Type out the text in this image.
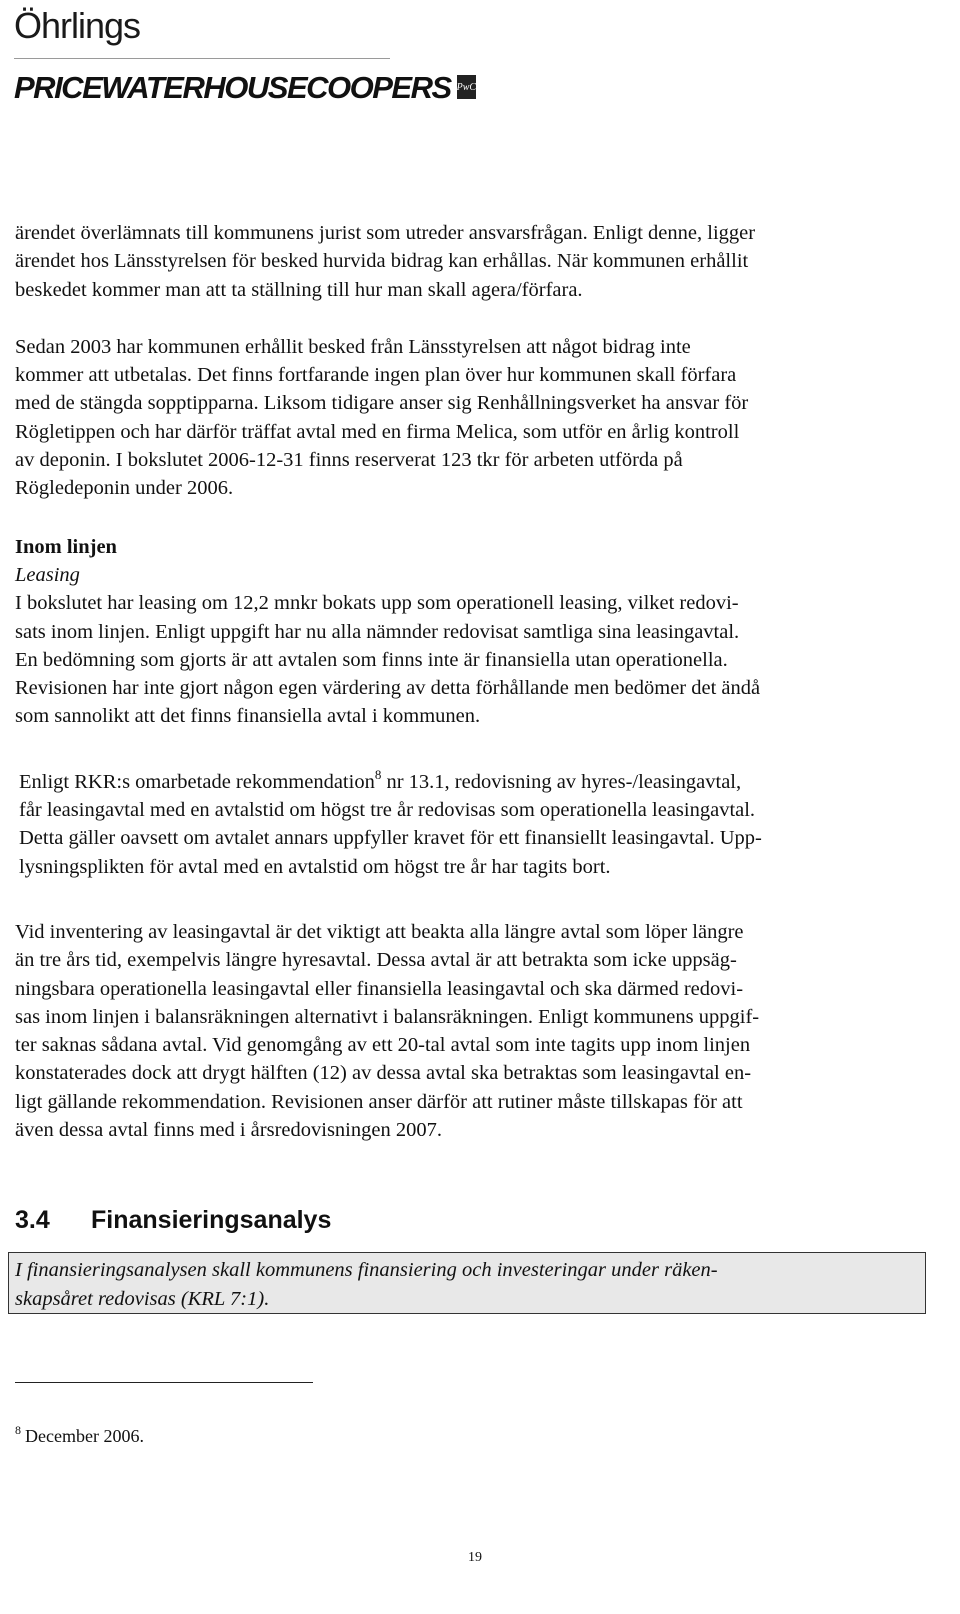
Öhrlings
PRICEWATERHOUSECOOPERS PwC

ärendet överlämnats till kommunens jurist som utreder ansvarsfrågan. Enligt denne, ligger
ärendet hos Länsstyrelsen för besked hurvida bidrag kan erhållas. När kommunen erhållit
beskedet kommer man att ta ställning till hur man skall agera/förfara.

Sedan 2003 har kommunen erhållit besked från Länsstyrelsen att något bidrag inte
kommer att utbetalas. Det finns fortfarande ingen plan över hur kommunen skall förfara
med de stängda sopptipparna. Liksom tidigare anser sig Renhållningsverket ha ansvar för
Rögletippen och har därför träffat avtal med en firma Melica, som utför en årlig kontroll
av deponin. I bokslutet 2006-12-31 finns reserverat 123 tkr för arbeten utförda på
Rögledeponin under 2006.

Inom linjen

Leasing

I bokslutet har leasing om 12,2 mnkr bokats upp som operationell leasing, vilket redovi-
sats inom linjen. Enligt uppgift har nu alla nämnder redovisat samtliga sina leasingavtal.
En bedömning som gjorts är att avtalen som finns inte är finansiella utan operationella.
Revisionen har inte gjort någon egen värdering av detta förhållande men bedömer det ändå
som sannolikt att det finns finansiella avtal i kommunen.

Enligt RKR:s omarbetade rekommendation$^8$ nr 13.1, redovisning av hyres-/leasingavtal,
får leasingavtal med en avtalstid om högst tre år redovisas som operationella leasingavtal.
Detta gäller oavsett om avtalet annars uppfyller kravet för ett finansiellt leasingavtal. Upp-
lysningsplikten för avtal med en avtalstid om högst tre år har tagits bort.

Vid inventering av leasingavtal är det viktigt att beakta alla längre avtal som löper längre
än tre års tid, exempelvis längre hyresavtal. Dessa avtal är att betrakta som icke uppsäg-
ningsbara operationella leasingavtal eller finansiella leasingavtal och ska därmed redovi-
sas inom linjen i balansräkningen alternativt i balansräkningen. Enligt kommunens uppgif-
ter saknas sådana avtal. Vid genomgång av ett 20-tal avtal som inte tagits upp inom linjen
konstaterades dock att drygt hälften (12) av dessa avtal ska betraktas som leasingavtal en-
ligt gällande rekommendation. Revisionen anser därför att rutiner måste tillskapas för att
även dessa avtal finns med i årsredovisningen 2007.

3.4 Finansieringsanalys
I finansieringsanalysen skall kommunens finansiering och investeringar under räken-
skapsåret redovisas (KRL 7:1).
$^8$ December 2006.
19
